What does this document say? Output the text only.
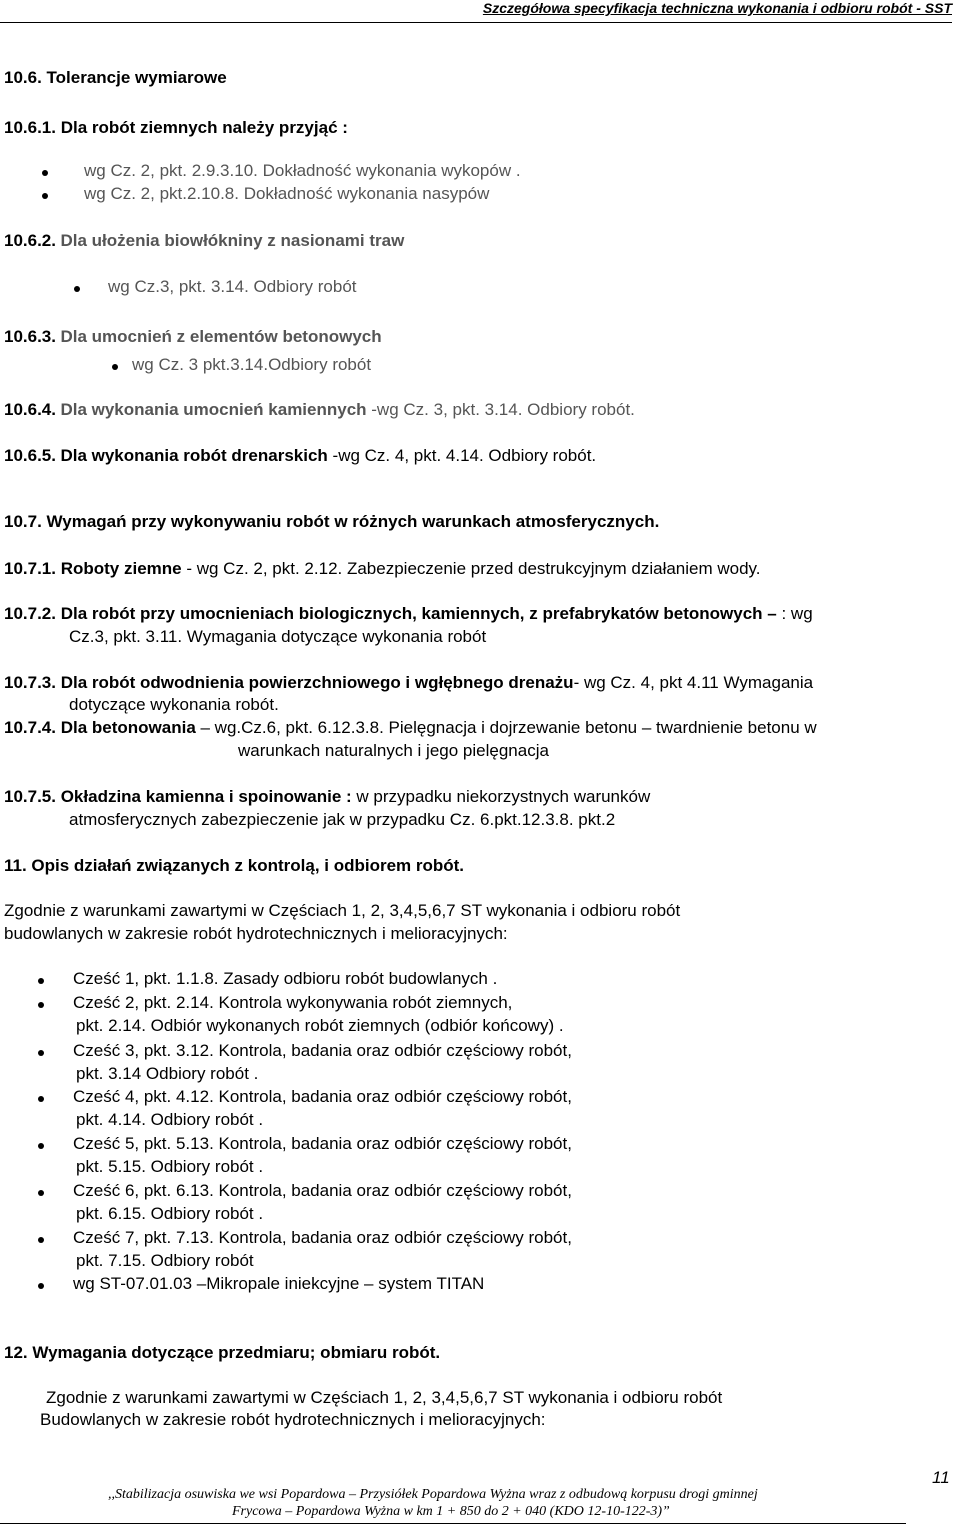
Szczegółowa specyfikacja techniczna wykonania i odbioru robót - SST
10.6. Tolerancje wymiarowe
10.6.1. Dla robót ziemnych należy przyjąć :
wg Cz. 2, pkt. 2.9.3.10. Dokładność wykonania wykopów .
wg Cz. 2, pkt.2.10.8. Dokładność wykonania nasypów
10.6.2. Dla ułożenia biowłókniny z nasionami traw
wg Cz.3, pkt. 3.14. Odbiory robót
10.6.3. Dla umocnień z elementów betonowych
wg Cz. 3 pkt.3.14.Odbiory robót
10.6.4. Dla wykonania umocnień kamiennych -wg Cz. 3, pkt. 3.14. Odbiory robót.
10.6.5. Dla wykonania robót drenarskich -wg Cz. 4, pkt. 4.14. Odbiory robót.
10.7. Wymagań przy wykonywaniu robót w różnych warunkach atmosferycznych.
10.7.1. Roboty ziemne - wg Cz. 2, pkt. 2.12. Zabezpieczenie przed destrukcyjnym działaniem wody.
10.7.2. Dla robót przy umocnieniach biologicznych, kamiennych, z prefabrykatów betonowych – : wg
Cz.3, pkt. 3.11. Wymagania dotyczące wykonania robót
10.7.3. Dla robót odwodnienia powierzchniowego i wgłębnego drenażu- wg Cz. 4, pkt 4.11 Wymagania
dotyczące wykonania robót.
10.7.4. Dla betonowania – wg.Cz.6, pkt. 6.12.3.8. Pielęgnacja i dojrzewanie betonu – twardnienie betonu w
warunkach naturalnych i jego pielęgnacja
10.7.5. Okładzina kamienna i spoinowanie : w przypadku niekorzystnych warunków
atmosferycznych zabezpieczenie jak w przypadku Cz. 6.pkt.12.3.8. pkt.2
11. Opis działań związanych z kontrolą, i odbiorem robót.
Zgodnie z warunkami zawartymi w Częściach 1, 2, 3,4,5,6,7 ST wykonania i odbioru robót
budowlanych w zakresie robót hydrotechnicznych i melioracyjnych:
Cześć 1, pkt. 1.1.8. Zasady odbioru robót budowlanych .
Cześć 2, pkt. 2.14. Kontrola wykonywania robót ziemnych,
pkt. 2.14. Odbiór wykonanych robót ziemnych (odbiór końcowy) .
Cześć 3, pkt. 3.12. Kontrola, badania oraz odbiór częściowy robót,
pkt. 3.14 Odbiory robót .
Cześć 4, pkt. 4.12. Kontrola, badania oraz odbiór częściowy robót,
pkt. 4.14. Odbiory robót .
Cześć 5, pkt. 5.13. Kontrola, badania oraz odbiór częściowy robót,
pkt. 5.15. Odbiory robót .
Cześć 6, pkt. 6.13. Kontrola, badania oraz odbiór częściowy robót,
pkt. 6.15. Odbiory robót .
Cześć 7, pkt. 7.13. Kontrola, badania oraz odbiór częściowy robót,
pkt. 7.15. Odbiory robót
wg ST-07.01.03 –Mikropale iniekcyjne – system TITAN
12. Wymagania dotyczące przedmiaru; obmiaru robót.
Zgodnie z warunkami zawartymi w Częściach 1, 2, 3,4,5,6,7 ST wykonania i odbioru robót
Budowlanych w zakresie robót hydrotechnicznych i melioracyjnych:
11
,,Stabilizacja osuwiska we wsi Popardowa – Przysiółek Popardowa Wyżna wraz z odbudową korpusu drogi gminnej
Frycowa – Popardowa Wyżna w km 1 + 850 do 2 + 040 (KDO 12-10-122-3)”
